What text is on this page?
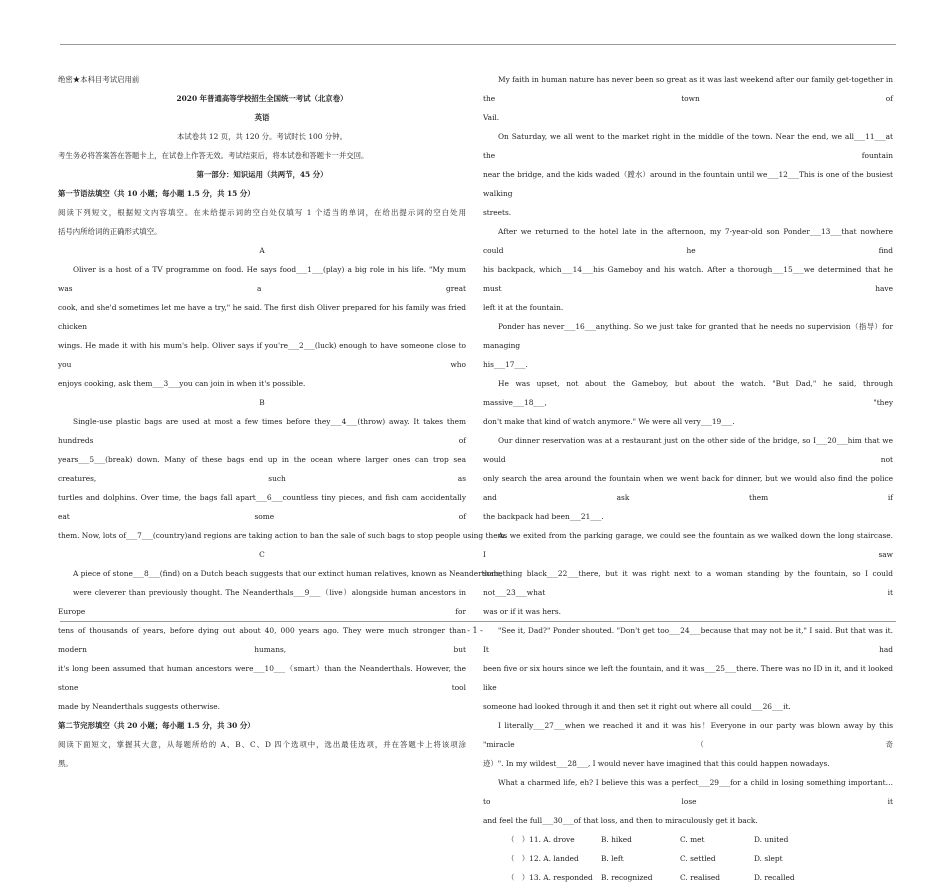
绝密★本科目考试启用前
2020 年普通高等学校招生全国统一考试（北京卷）
英语
本试卷共 12 页，共 120 分。考试时长 100 分钟。
考生务必将答案答在答题卡上，在试卷上作答无效。考试结束后，将本试卷和答题卡一并交回。
第一部分：知识运用（共两节，45 分）
第一节语法填空（共 10 小题；每小题 1.5 分，共 15 分）
阅读下列短文，根据短文内容填空。在未给提示词的空白处仅填写 1 个适当的单词，在给出提示词的空白处用
括号内所给词的正确形式填空。
A
Oliver is a host of a TV programme on food. He says food___1___(play) a big role in his life. "My mum was a great
cook, and she'd sometimes let me have a try," he said. The first dish Oliver prepared for his family was fried chicken
wings. He made it with his mum's help. Oliver says if you're___2___(luck) enough to have someone close to you who
enjoys cooking, ask them___3___you can join in when it's possible.
B
Single-use plastic bags are used at most a few times before they___4___(throw) away. It takes them hundreds of
years___5___(break) down. Many of these bags end up in the ocean where larger ones can trop sea creatures, such as
turtles and dolphins. Over time, the bags fall apart___6___countless tiny pieces, and fish cam accidentally eat some of
them. Now, lots of___7___(country)and regions are taking action to ban the sale of such bags to stop people using them.
C
A piece of stone___8___(find) on a Dutch beach suggests that our extinct human relatives, known as Neanderthals,
were cleverer than previously thought. The Neanderthals___9___（live）alongside human ancestors in Europe for
tens of thousands of years, before dying out about 40, 000 years ago. They were much stronger than modern humans, but
it's long been assumed that human ancestors were___10___（smart）than the Neanderthals. However, the stone tool
made by Neanderthals suggests otherwise.
第二节完形填空（共 20 小题；每小题 1.5 分，共 30 分）
阅读下面短文，掌握其大意，从每题所给的 A、B、C、D 四个选项中，选出最佳选项，并在答题卡上将该项涂
黑。
My faith in human nature has never been so great as it was last weekend after our family get-together in the town of
Vail.
On Saturday, we all went to the market right in the middle of the town. Near the end, we all___11___at the fountain
near the bridge, and the kids waded（蹚水）around in the fountain until we___12___This is one of the busiest walking
streets.
After we returned to the hotel late in the afternoon, my 7-year-old son Ponder___13___that nowhere could he find
his backpack, which___14___his Gameboy and his watch. After a thorough___15___we determined that he must have
left it at the fountain.
Ponder has never___16___anything. So we just take for granted that he needs no supervision（指导）for managing
his___17___.
He was upset, not about the Gameboy, but about the watch. "But Dad," he said, through massive___18___, "they
don't make that kind of watch anymore." We were all very___19___.
Our dinner reservation was at a restaurant just on the other side of the bridge, so I___20___him that we would not
only search the area around the fountain when we went back for dinner, but we would also find the police and ask them if
the backpack had been___21___.
As we exited from the parking garage, we could see the fountain as we walked down the long staircase. I saw
something black___22___there, but it was right next to a woman standing by the fountain, so I could not___23___what it
was or if it was hers.
"See it, Dad?" Ponder shouted. "Don't get too___24___because that may not be it," I said. But that was it. It had
been five or six hours since we left the fountain, and it was___25___there. There was no ID in it, and it looked like
someone had looked through it and then set it right out where all could___26___it.
I literally___27___when we reached it and it was his！Everyone in our party was blown away by this "miracle（奇
迹）". In my wildest___28___, I would never have imagined that this could happen nowadays.
What a charmed life, eh? I believe this was a perfect___29___for a child in losing something important…to lose it
and feel the full___30___of that loss, and then to miraculously get it back.
（　）11. A. drove	B. hiked	C. met	D. united
（　）12. A. landed	B. left	C. settled	D. slept
（　）13. A. responded	B. recognized	C. realised	D. recalled
- 1 -
